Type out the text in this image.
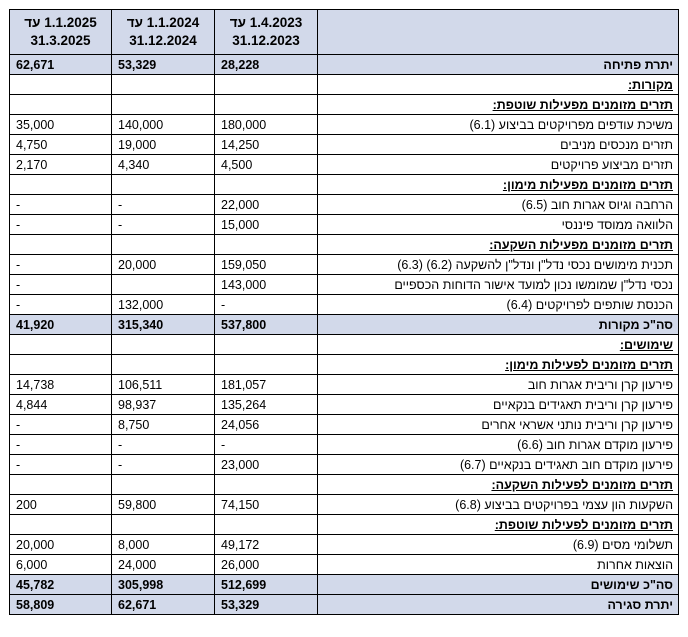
	1.4.2023 עד
31.12.2023	1.1.2024 עד
31.12.2024	1.1.2025 עד
31.3.2025

יתרת פתיחה	28,228	53,329	62,671
מקורות:			
תזרים מזומנים מפעילות שוטפת:			
משיכת עודפים מפרויקטים בביצוע (6.1)	180,000	140,000	35,000
תזרים מנכסים מניבים	14,250	19,000	4,750
תזרים מביצוע פרויקטים	4,500	4,340	2,170
תזרים מזומנים מפעילות מימון:			
הרחבה וגיוס אגרות חוב (6.5)	22,000	-	-
הלוואה ממוסד פיננסי	15,000	-	-
תזרים מזומנים מפעילות השקעה:			
תכנית מימושים נכסי נדל"ן ונדל"ן להשקעה (6.2) (6.3)	159,050	20,000	-
נכסי נדל"ן שמומשו נכון למועד אישור הדוחות הכספיים	143,000		-
הכנסת שותפים לפרויקטים (6.4)	-	132,000	-
סה"כ מקורות	537,800	315,340	41,920
שימושים:			
תזרים מזומנים לפעילות מימון:			
פירעון קרן וריבית אגרות חוב	181,057	106,511	14,738
פירעון קרן וריבית תאגידים בנקאיים	135,264	98,937	4,844
פירעון קרן וריבית נותני אשראי אחרים	24,056	8,750	-
פירעון מוקדם אגרות חוב (6.6)	-	-	-
פירעון מוקדם חוב תאגידים בנקאיים (6.7)	23,000	-	-
תזרים מזומנים לפעילות השקעה:			
השקעות הון עצמי בפרויקטים בביצוע (6.8)	74,150	59,800	200
תזרים מזומנים לפעילות שוטפת:			
תשלומי מסים (6.9)	49,172	8,000	20,000
הוצאות אחרות	26,000	24,000	6,000
סה"כ שימושים	512,699	305,998	45,782
יתרת סגירה	53,329	62,671	58,809
